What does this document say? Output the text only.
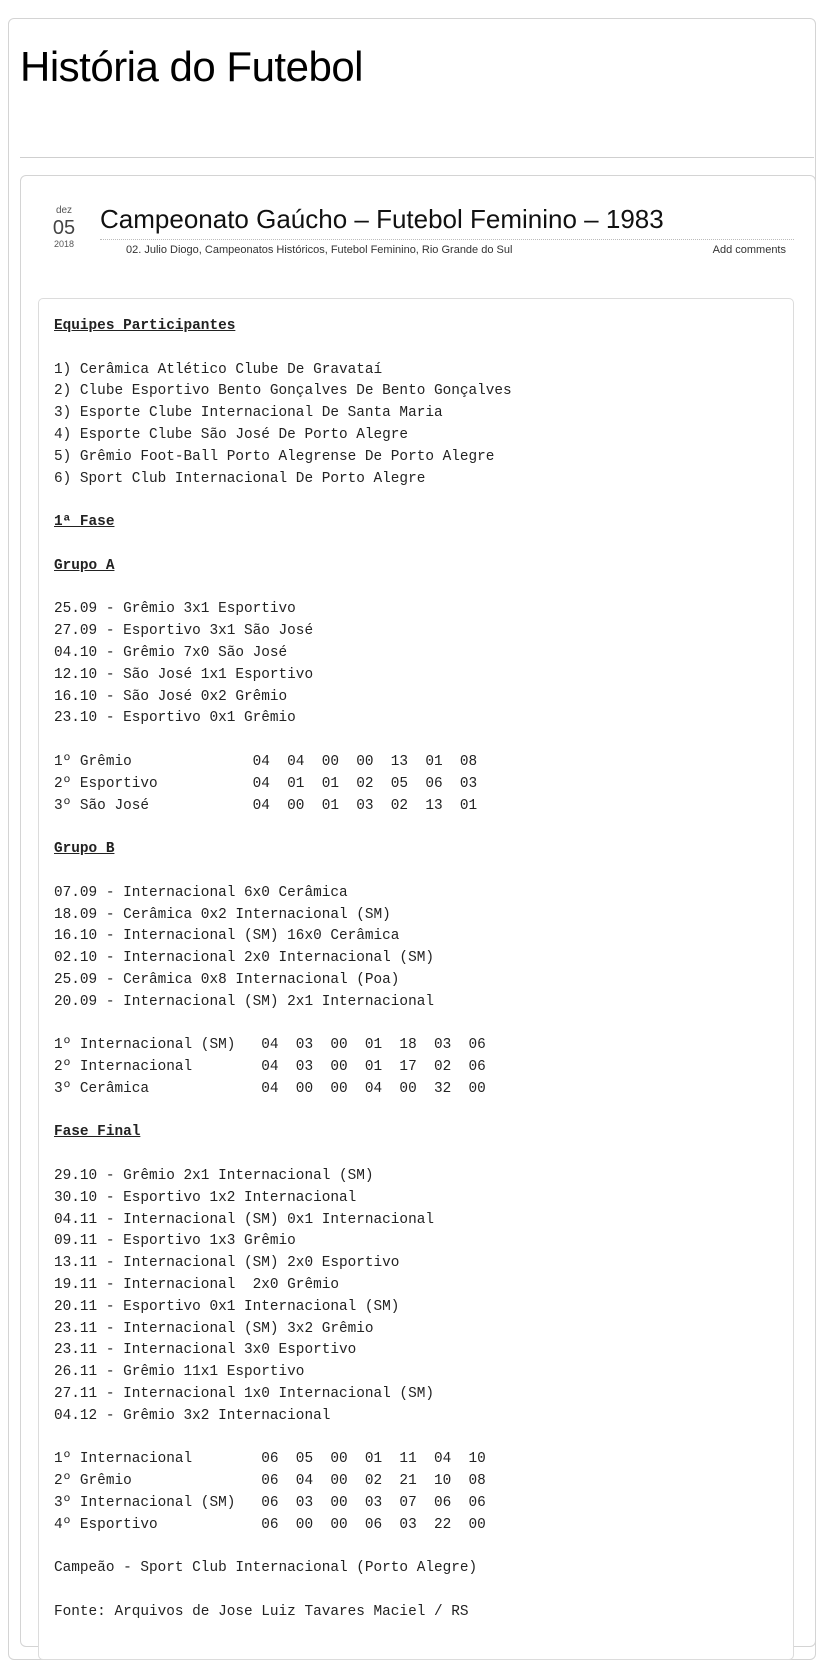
História do Futebol
dez
05
2018
Campeonato Gaúcho – Futebol Feminino – 1983
02. Julio Diogo, Campeonatos Históricos, Futebol Feminino, Rio Grande do Sul	Add comments
Equipes Participantes
1) Cerâmica Atlético Clube De Gravataí
2) Clube Esportivo Bento Gonçalves De Bento Gonçalves
3) Esporte Clube Internacional De Santa Maria
4) Esporte Clube São José De Porto Alegre
5) Grêmio Foot-Ball Porto Alegrense De Porto Alegre
6) Sport Club Internacional De Porto Alegre
1ª Fase
Grupo A
25.09 - Grêmio 3x1 Esportivo
27.09 - Esportivo 3x1 São José
04.10 - Grêmio 7x0 São José
12.10 - São José 1x1 Esportivo
16.10 - São José 0x2 Grêmio
23.10 - Esportivo 0x1 Grêmio
1º Grêmio              04  04  00  00  13  01  08
2º Esportivo           04  01  01  02  05  06  03
3º São José            04  00  01  03  02  13  01
Grupo B
07.09 - Internacional 6x0 Cerâmica
18.09 - Cerâmica 0x2 Internacional (SM)
16.10 - Internacional (SM) 16x0 Cerâmica
02.10 - Internacional 2x0 Internacional (SM)
25.09 - Cerâmica 0x8 Internacional (Poa)
20.09 - Internacional (SM) 2x1 Internacional
1º Internacional (SM)   04  03  00  01  18  03  06
2º Internacional        04  03  00  01  17  02  06
3º Cerâmica             04  00  00  04  00  32  00
Fase Final
29.10 - Grêmio 2x1 Internacional (SM)
30.10 - Esportivo 1x2 Internacional
04.11 - Internacional (SM) 0x1 Internacional
09.11 - Esportivo 1x3 Grêmio
13.11 - Internacional (SM) 2x0 Esportivo
19.11 - Internacional  2x0 Grêmio
20.11 - Esportivo 0x1 Internacional (SM)
23.11 - Internacional (SM) 3x2 Grêmio
23.11 - Internacional 3x0 Esportivo
26.11 - Grêmio 11x1 Esportivo
27.11 - Internacional 1x0 Internacional (SM)
04.12 - Grêmio 3x2 Internacional
1º Internacional        06  05  00  01  11  04  10
2º Grêmio               06  04  00  02  21  10  08
3º Internacional (SM)   06  03  00  03  07  06  06
4º Esportivo            06  00  00  06  03  22  00
Campeão - Sport Club Internacional (Porto Alegre)
Fonte: Arquivos de Jose Luiz Tavares Maciel / RS
